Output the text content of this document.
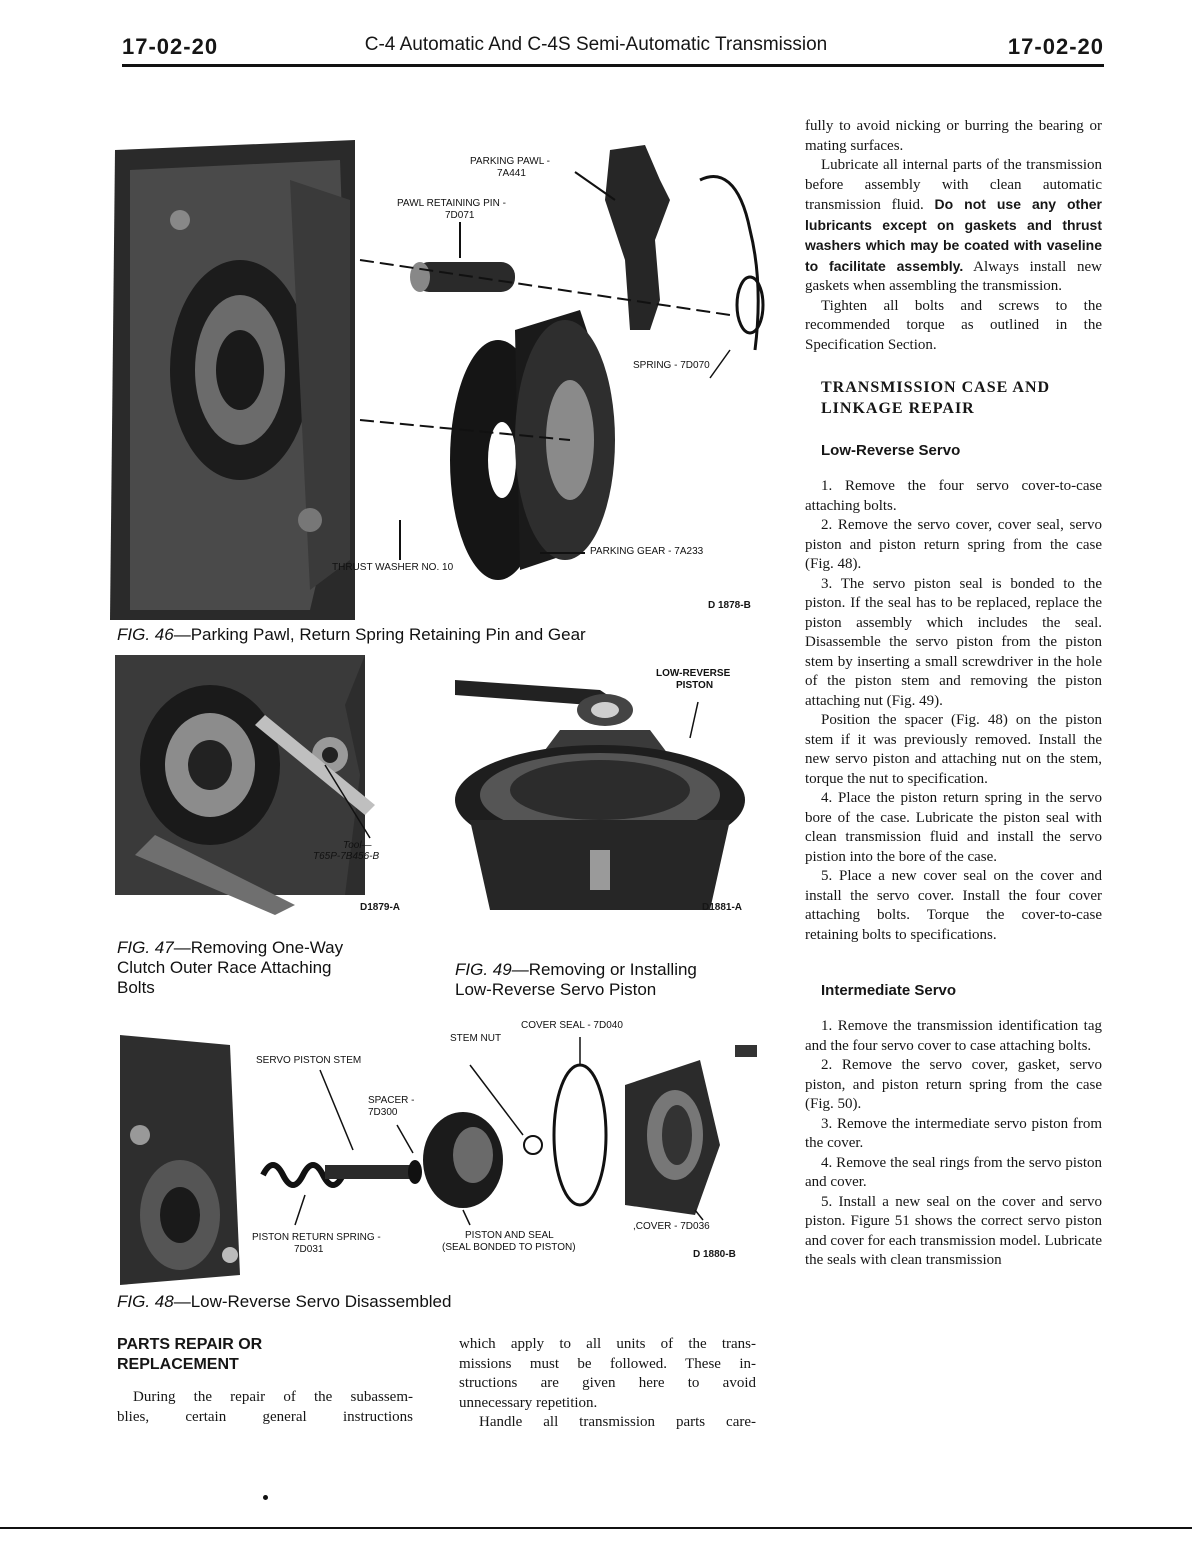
17-02-20	C-4 Automatic And C-4S Semi-Automatic Transmission	17-02-20
PARKING PAWL -
7A441
PAWL RETAINING PIN -
7D071
SPRING - 7D070
PARKING GEAR - 7A233
THRUST WASHER NO. 10
D 1878-B
FIG. 46—Parking Pawl, Return Spring Retaining Pin and Gear
Tool—
T65P-7B456-B
D1879-A
FIG. 47—Removing One-Way
Clutch Outer Race Attaching
Bolts
LOW-REVERSE
PISTON
D1881-A
FIG. 49—Removing or Installing
Low-Reverse Servo Piston
SERVO PISTON STEM
SPACER -
7D300
STEM NUT
COVER SEAL - 7D040
PISTON RETURN SPRING -
7D031
PISTON AND SEAL
(SEAL BONDED TO PISTON)
,COVER - 7D036
D 1880-B
FIG. 48—Low-Reverse Servo Disassembled
PARTS REPAIR OR
REPLACEMENT
During the repair of the subassem-
blies, certain general instructions
which apply to all units of the trans-
missions must be followed. These in-
structions are given here to avoid
unnecessary repetition.
Handle all transmission parts care-

fully to avoid nicking or burring the bearing or mating surfaces.

Lubricate all internal parts of the transmission before assembly with clean automatic transmission fluid. Do not use any other lubricants except on gaskets and thrust washers which may be coated with vaseline to facilitate assembly. Always install new gaskets when assembling the transmission.

Tighten all bolts and screws to the recommended torque as outlined in the Specification Section.

TRANSMISSION CASE AND
LINKAGE REPAIR
Low-Reverse Servo

1. Remove the four servo cover-to-case attaching bolts.

2. Remove the servo cover, cover seal, servo piston and piston return spring from the case (Fig. 48).

3. The servo piston seal is bonded to the piston. If the seal has to be replaced, replace the piston assembly which includes the seal. Disassemble the servo piston from the piston stem by inserting a small screwdriver in the hole of the piston stem and removing the piston attaching nut (Fig. 49).

Position the spacer (Fig. 48) on the piston stem if it was previously removed. Install the new servo piston and attaching nut on the stem, torque the nut to specification.

4. Place the piston return spring in the servo bore of the case. Lubricate the piston seal with clean transmission fluid and install the servo pistion into the bore of the case.

5. Place a new cover seal on the cover and install the servo cover. Install the four cover attaching bolts. Torque the cover-to-case retaining bolts to specifications.

Intermediate Servo

1. Remove the transmission identification tag and the four servo cover to case attaching bolts.

2. Remove the servo cover, gasket, servo piston, and piston return spring from the case (Fig. 50).

3. Remove the intermediate servo piston from the cover.

4. Remove the seal rings from the servo piston and cover.

5. Install a new seal on the cover and servo piston. Figure 51 shows the correct servo piston and cover for each transmission model. Lubricate the seals with clean transmission
